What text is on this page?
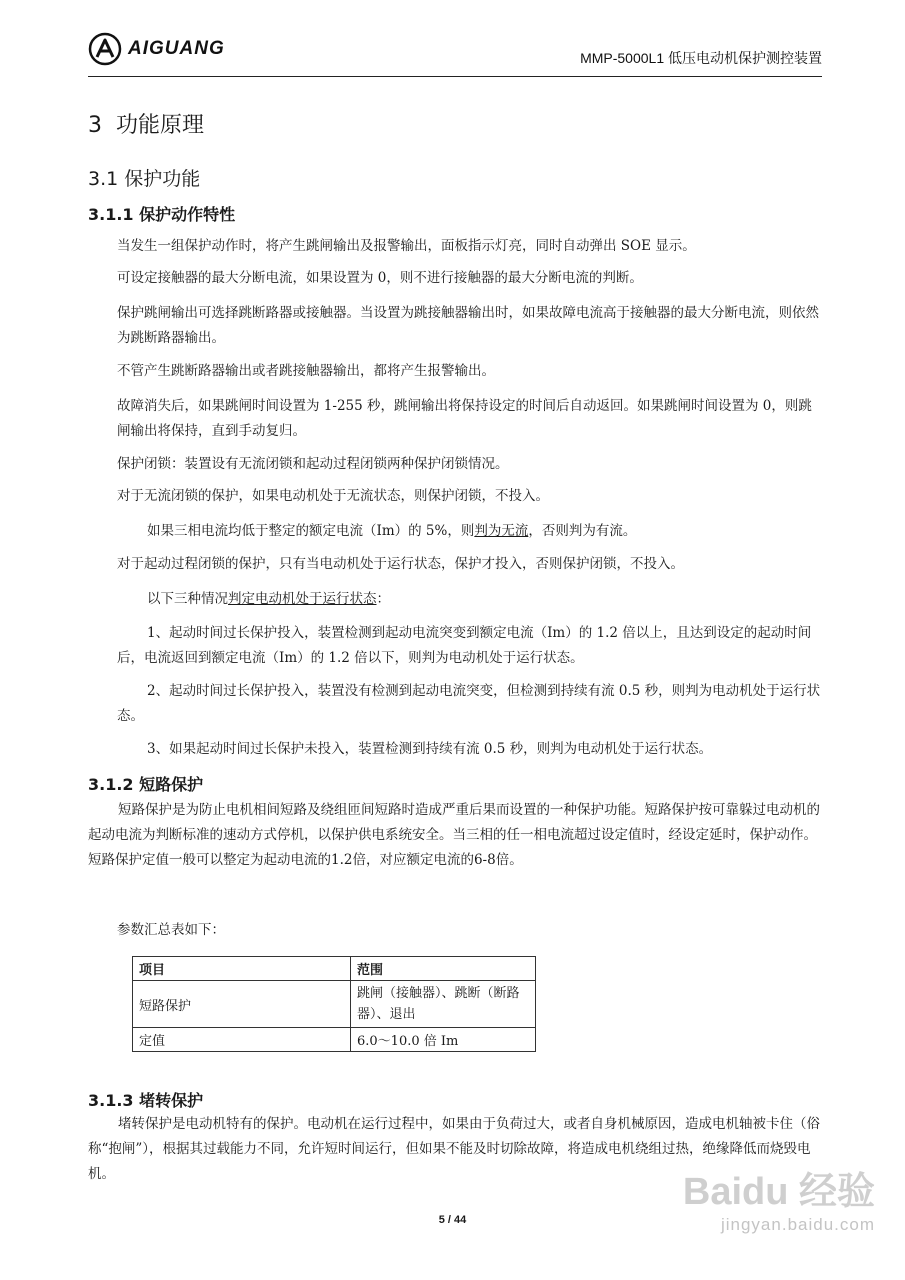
AIGUANG	MMP-5000L1 低压电动机保护测控装置
3  功能原理
3.1 保护功能
3.1.1 保护动作特性

当发生一组保护动作时，将产生跳闸输出及报警输出，面板指示灯亮，同时自动弹出 SOE 显示。

可设定接触器的最大分断电流，如果设置为 0，则不进行接触器的最大分断电流的判断。

保护跳闸输出可选择跳断路器或接触器。当设置为跳接触器输出时，如果故障电流高于接触器的最大分断电流，则依然为跳断路器输出。

不管产生跳断路器输出或者跳接触器输出，都将产生报警输出。

故障消失后，如果跳闸时间设置为 1-255 秒，跳闸输出将保持设定的时间后自动返回。如果跳闸时间设置为 0，则跳闸输出将保持，直到手动复归。

保护闭锁：装置设有无流闭锁和起动过程闭锁两种保护闭锁情况。

对于无流闭锁的保护，如果电动机处于无流状态，则保护闭锁，不投入。

如果三相电流均低于整定的额定电流（Im）的 5%，则判为无流，否则判为有流。

对于起动过程闭锁的保护，只有当电动机处于运行状态，保护才投入，否则保护闭锁，不投入。

以下三种情况判定电动机处于运行状态：

1、起动时间过长保护投入，装置检测到起动电流突变到额定电流（Im）的 1.2 倍以上，且达到设定的起动时间后，电流返回到额定电流（Im）的 1.2 倍以下，则判为电动机处于运行状态。

2、起动时间过长保护投入，装置没有检测到起动电流突变，但检测到持续有流 0.5 秒，则判为电动机处于运行状态。

3、如果起动时间过长保护未投入，装置检测到持续有流 0.5 秒，则判为电动机处于运行状态。

3.1.2 短路保护

短路保护是为防止电机相间短路及绕组匝间短路时造成严重后果而设置的一种保护功能。短路保护按可靠躲过电动机的起动电流为判断标准的速动方式停机，以保护供电系统安全。当三相的任一相电流超过设定值时，经设定延时，保护动作。短路保护定值一般可以整定为起动电流的1.2倍，对应额定电流的6-8倍。

参数汇总表如下：

项目	范围
短路保护	跳闸（接触器）、跳断（断路器）、退出
定值	6.0～10.0 倍 Im
3.1.3 堵转保护

堵转保护是电动机特有的保护。电动机在运行过程中，如果由于负荷过大，或者自身机械原因，造成电机轴被卡住（俗称“抱闸”），根据其过载能力不同，允许短时间运行，但如果不能及时切除故障，将造成电机绕组过热，绝缘降低而烧毁电机。

5 / 44
Baidu 经验
jingyan.baidu.com
